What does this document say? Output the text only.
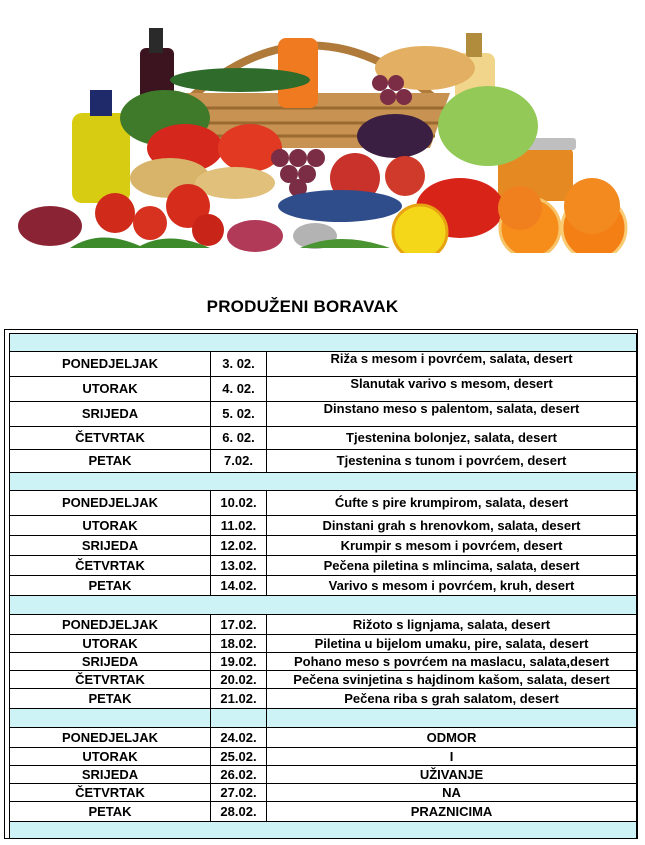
PRODUŽENI BORAVAK

PONEDJELJAK	3. 02.	Riža s mesom i povrćem, salata, desert
UTORAK	4. 02.	Slanutak varivo s mesom, desert
SRIJEDA	5. 02.	Dinstano meso s palentom, salata, desert
ČETVRTAK	6. 02.	Tjestenina bolonjez, salata, desert
PETAK	7.02.	Tjestenina s tunom i povrćem, desert

PONEDJELJAK	10.02.	Ćufte s pire krumpirom, salata, desert
UTORAK	11.02.	Dinstani grah s hrenovkom, salata, desert
SRIJEDA	12.02.	Krumpir s mesom i povrćem, desert
ČETVRTAK	13.02.	Pečena piletina s mlincima, salata, desert
PETAK	14.02.	Varivo s mesom i povrćem, kruh, desert

PONEDJELJAK	17.02.	Rižoto s lignjama, salata, desert
UTORAK	18.02.	Piletina u bijelom umaku, pire, salata, desert
SRIJEDA	19.02.	Pohano meso s povrćem na maslacu, salata,desert
ČETVRTAK	20.02.	Pečena svinjetina s hajdinom kašom, salata, desert
PETAK	21.02.	Pečena riba s grah salatom, desert

PONEDJELJAK	24.02.	ODMOR
UTORAK	25.02.	I
SRIJEDA	26.02.	UŽIVANJE
ČETVRTAK	27.02.	NA
PETAK	28.02.	PRAZNICIMA
